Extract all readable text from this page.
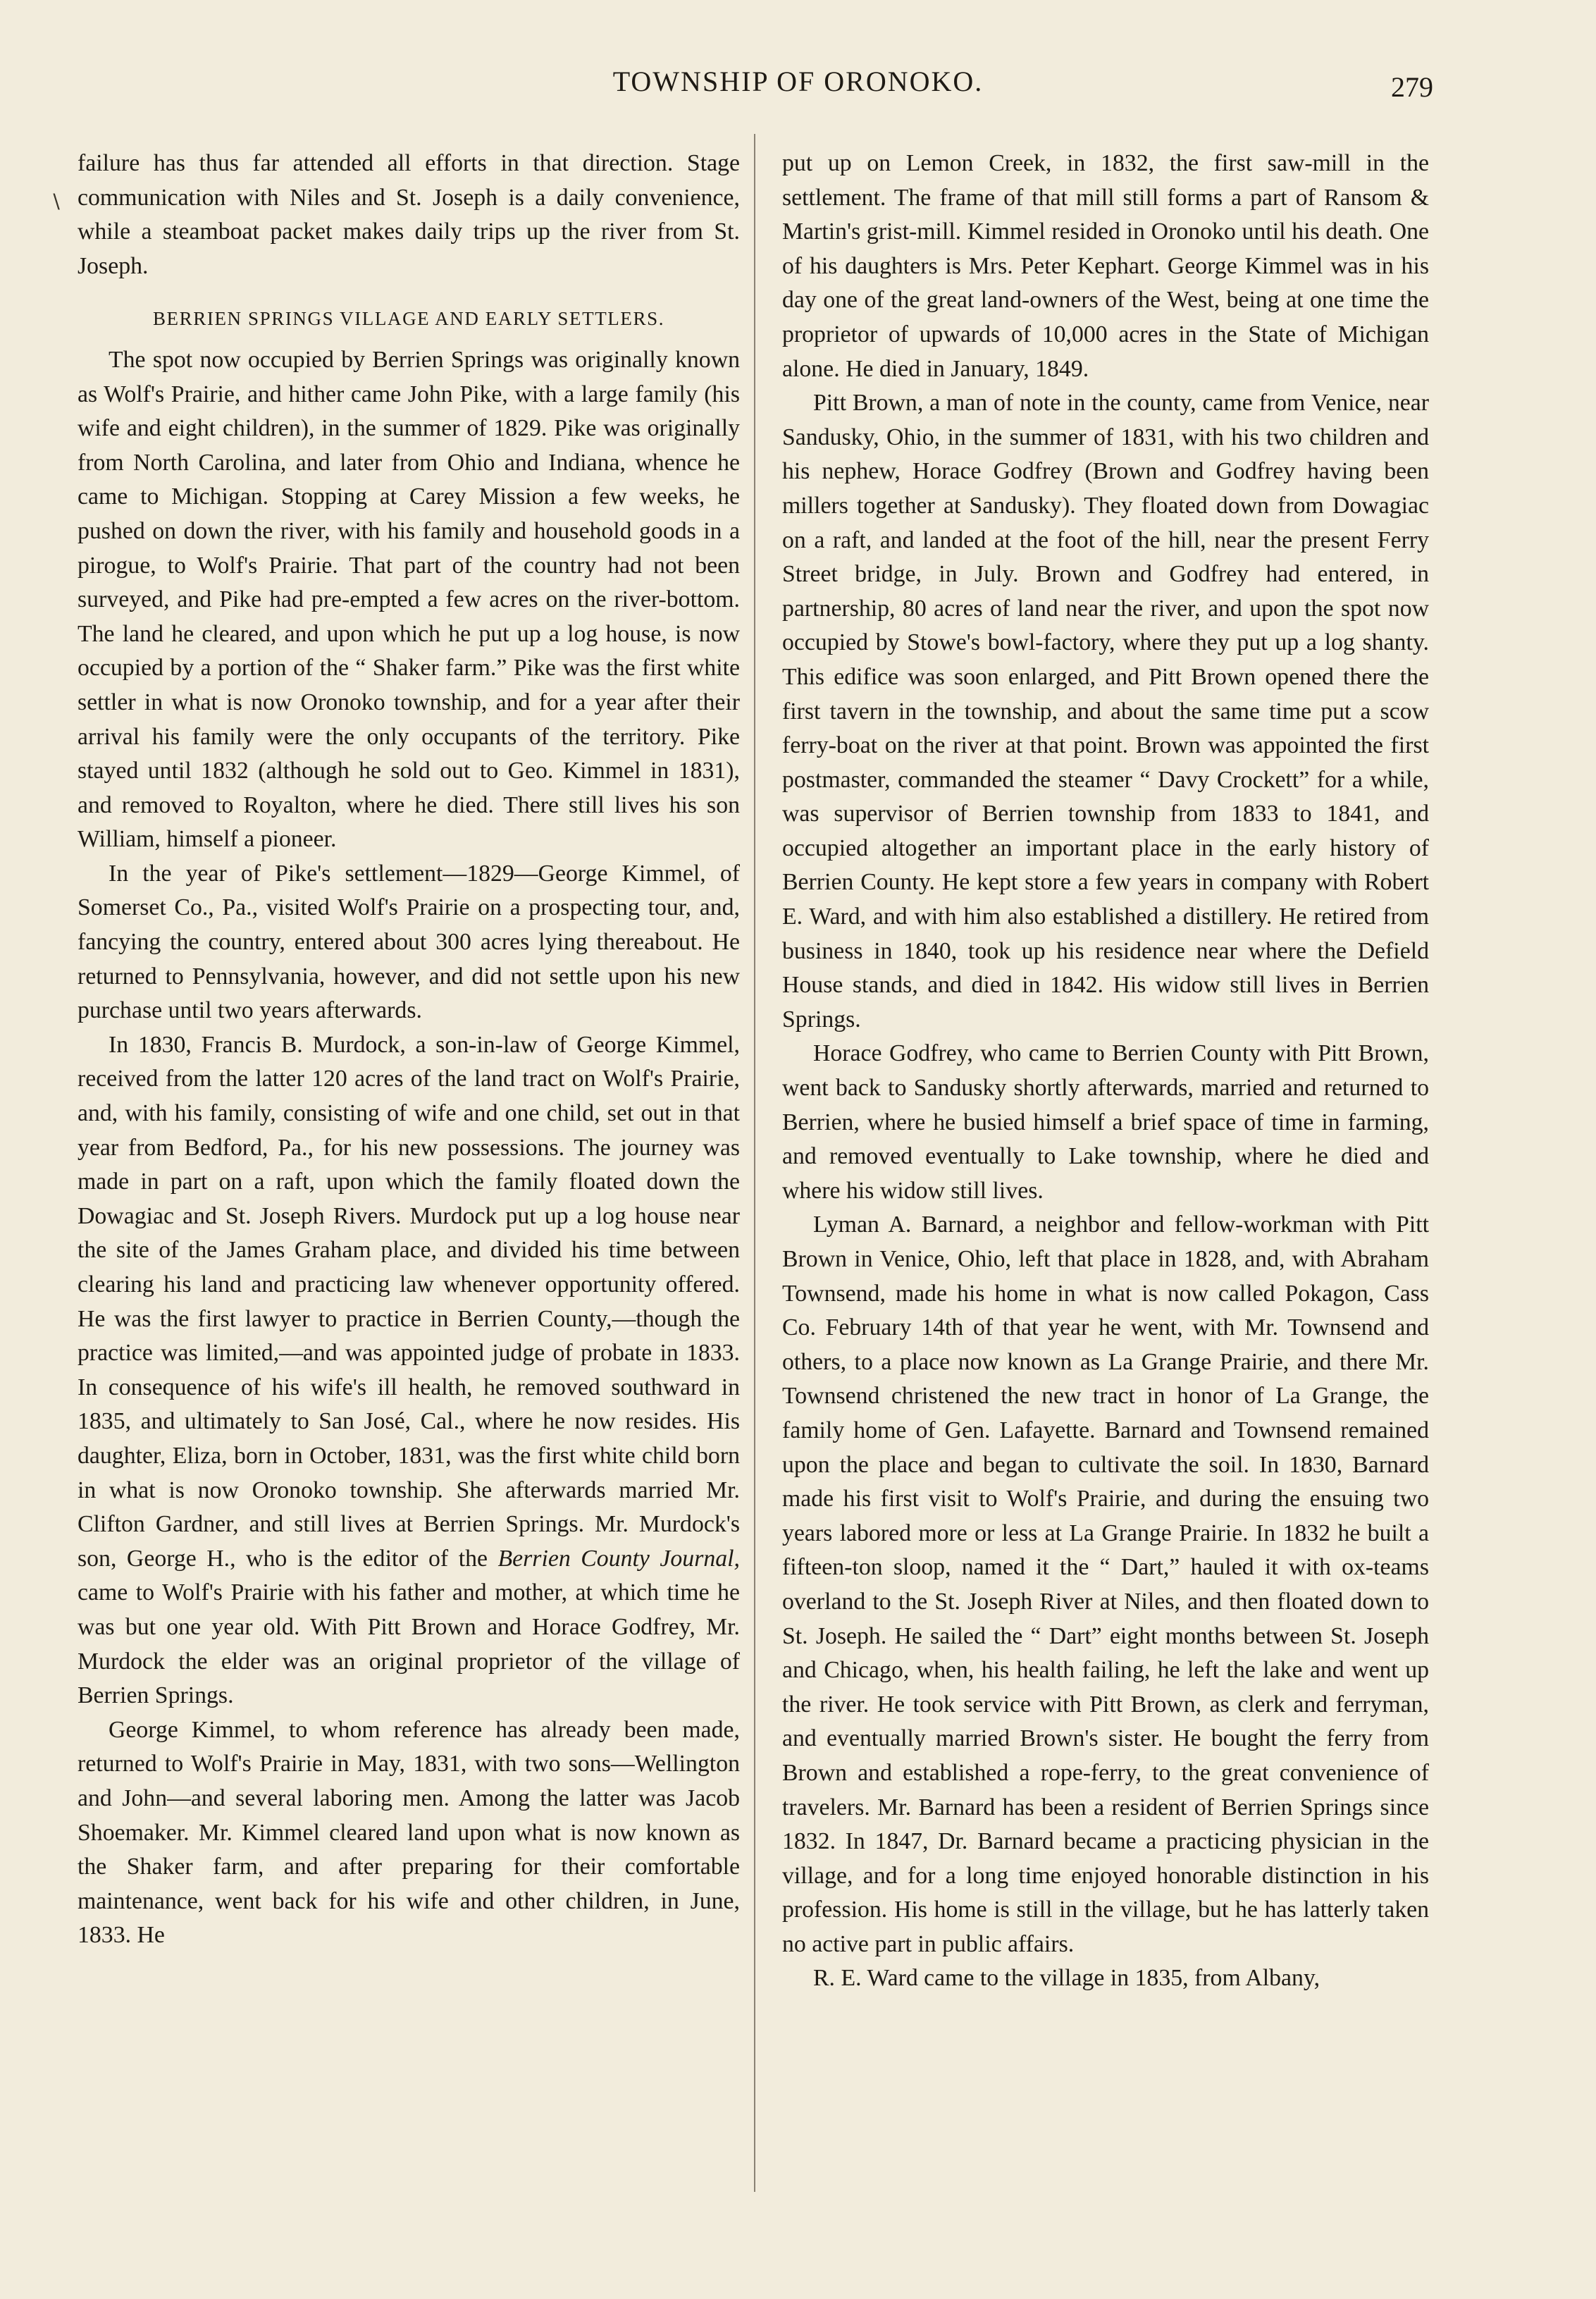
TOWNSHIP OF ORONOKO.	279
∖

failure has thus far attended all efforts in that direction. Stage communication with Niles and St. Joseph is a daily convenience, while a steamboat packet makes daily trips up the river from St. Joseph.

BERRIEN SPRINGS VILLAGE AND EARLY SETTLERS.

The spot now occupied by Berrien Springs was originally known as Wolf's Prairie, and hither came John Pike, with a large family (his wife and eight children), in the summer of 1829. Pike was originally from North Carolina, and later from Ohio and Indiana, whence he came to Michigan. Stopping at Carey Mission a few weeks, he pushed on down the river, with his family and household goods in a pirogue, to Wolf's Prairie. That part of the country had not been surveyed, and Pike had pre-empted a few acres on the river-bottom. The land he cleared, and upon which he put up a log house, is now occupied by a portion of the “ Shaker farm.” Pike was the first white settler in what is now Oronoko township, and for a year after their arrival his family were the only occupants of the territory. Pike stayed until 1832 (although he sold out to Geo. Kimmel in 1831), and removed to Royalton, where he died. There still lives his son William, himself a pioneer.

In the year of Pike's settlement—1829—George Kimmel, of Somerset Co., Pa., visited Wolf's Prairie on a prospecting tour, and, fancying the country, entered about 300 acres lying thereabout. He returned to Pennsylvania, however, and did not settle upon his new purchase until two years afterwards.

In 1830, Francis B. Murdock, a son-in-law of George Kimmel, received from the latter 120 acres of the land tract on Wolf's Prairie, and, with his family, consisting of wife and one child, set out in that year from Bedford, Pa., for his new possessions. The journey was made in part on a raft, upon which the family floated down the Dowagiac and St. Joseph Rivers. Murdock put up a log house near the site of the James Graham place, and divided his time between clearing his land and practicing law whenever opportunity offered. He was the first lawyer to practice in Berrien County,—though the practice was limited,—and was appointed judge of probate in 1833. In consequence of his wife's ill health, he removed southward in 1835, and ultimately to San José, Cal., where he now resides. His daughter, Eliza, born in October, 1831, was the first white child born in what is now Oronoko township. She afterwards married Mr. Clifton Gardner, and still lives at Berrien Springs. Mr. Murdock's son, George H., who is the editor of the Berrien County Journal, came to Wolf's Prairie with his father and mother, at which time he was but one year old. With Pitt Brown and Horace Godfrey, Mr. Murdock the elder was an original proprietor of the village of Berrien Springs.

George Kimmel, to whom reference has already been made, returned to Wolf's Prairie in May, 1831, with two sons—Wellington and John—and several laboring men. Among the latter was Jacob Shoemaker. Mr. Kimmel cleared land upon what is now known as the Shaker farm, and after preparing for their comfortable maintenance, went back for his wife and other children, in June, 1833. He

put up on Lemon Creek, in 1832, the first saw-mill in the settlement. The frame of that mill still forms a part of Ransom & Martin's grist-mill. Kimmel resided in Oronoko until his death. One of his daughters is Mrs. Peter Kephart. George Kimmel was in his day one of the great land-owners of the West, being at one time the proprietor of upwards of 10,000 acres in the State of Michigan alone. He died in January, 1849.

Pitt Brown, a man of note in the county, came from Venice, near Sandusky, Ohio, in the summer of 1831, with his two children and his nephew, Horace Godfrey (Brown and Godfrey having been millers together at Sandusky). They floated down from Dowagiac on a raft, and landed at the foot of the hill, near the present Ferry Street bridge, in July. Brown and Godfrey had entered, in partnership, 80 acres of land near the river, and upon the spot now occupied by Stowe's bowl-factory, where they put up a log shanty. This edifice was soon enlarged, and Pitt Brown opened there the first tavern in the township, and about the same time put a scow ferry-boat on the river at that point. Brown was appointed the first postmaster, commanded the steamer “ Davy Crockett” for a while, was supervisor of Berrien township from 1833 to 1841, and occupied altogether an important place in the early history of Berrien County. He kept store a few years in company with Robert E. Ward, and with him also established a distillery. He retired from business in 1840, took up his residence near where the Defield House stands, and died in 1842. His widow still lives in Berrien Springs.

Horace Godfrey, who came to Berrien County with Pitt Brown, went back to Sandusky shortly afterwards, married and returned to Berrien, where he busied himself a brief space of time in farming, and removed eventually to Lake township, where he died and where his widow still lives.

Lyman A. Barnard, a neighbor and fellow-workman with Pitt Brown in Venice, Ohio, left that place in 1828, and, with Abraham Townsend, made his home in what is now called Pokagon, Cass Co. February 14th of that year he went, with Mr. Townsend and others, to a place now known as La Grange Prairie, and there Mr. Townsend christened the new tract in honor of La Grange, the family home of Gen. Lafayette. Barnard and Townsend remained upon the place and began to cultivate the soil. In 1830, Barnard made his first visit to Wolf's Prairie, and during the ensuing two years labored more or less at La Grange Prairie. In 1832 he built a fifteen-ton sloop, named it the “ Dart,” hauled it with ox-teams overland to the St. Joseph River at Niles, and then floated down to St. Joseph. He sailed the “ Dart” eight months between St. Joseph and Chicago, when, his health failing, he left the lake and went up the river. He took service with Pitt Brown, as clerk and ferryman, and eventually married Brown's sister. He bought the ferry from Brown and established a rope-ferry, to the great convenience of travelers. Mr. Barnard has been a resident of Berrien Springs since 1832. In 1847, Dr. Barnard became a practicing physician in the village, and for a long time enjoyed honorable distinction in his profession. His home is still in the village, but he has latterly taken no active part in public affairs.

R. E. Ward came to the village in 1835, from Albany,
